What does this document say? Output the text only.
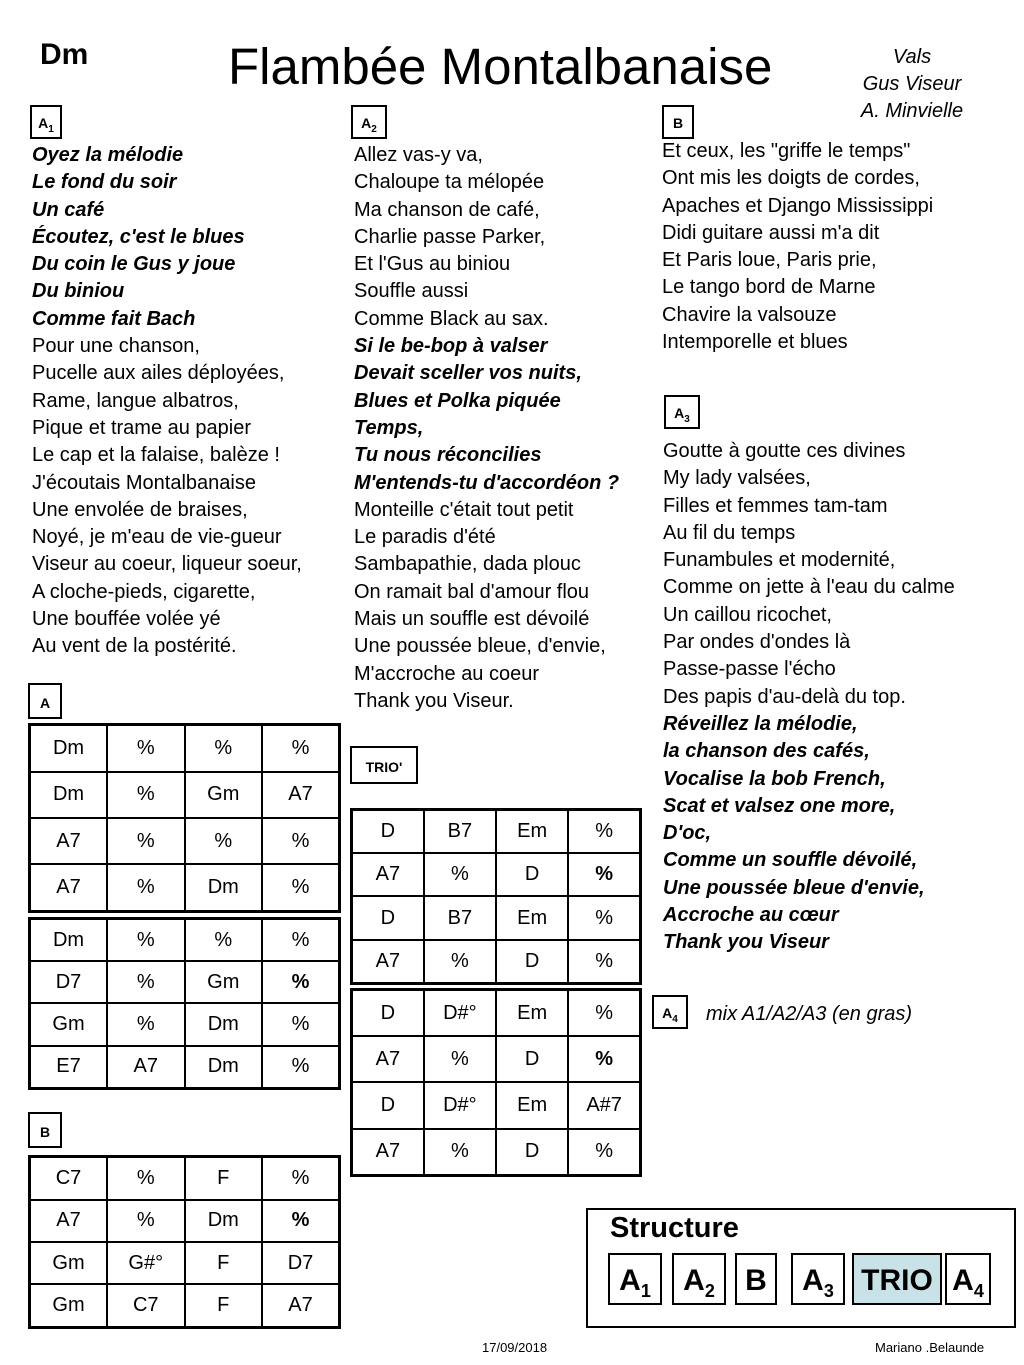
Dm	Flambée Montalbanaise	Vals
Gus Viseur
A. Minvielle
$A_1$	$A_2$	B
$A_3$
$A_4$
Oyez la mélodie
Le fond du soir
Un café
Écoutez, c'est le blues
Du coin le Gus y joue
Du biniou
Comme fait Bach
Pour une chanson,
Pucelle aux ailes déployées,
Rame, langue albatros,
Pique et trame au papier
Le cap et la falaise, balèze !
J'écoutais Montalbanaise
Une envolée de braises,
Noyé, je m'eau de vie-gueur
Viseur au coeur, liqueur soeur,
A cloche-pieds, cigarette,
Une bouffée volée yé
Au vent de la postérité.
Allez vas-y va,
Chaloupe ta mélopée
Ma chanson de café,
Charlie passe Parker,
Et l'Gus au biniou
Souffle aussi
Comme Black au sax.
Si le be-bop à valser
Devait sceller vos nuits,
Blues et Polka piquée
Temps,
Tu nous réconcilies
M'entends-tu d'accordéon ?
Monteille c'était tout petit
Le paradis d'été
Sambapathie, dada plouc
On ramait bal d'amour flou
Mais un souffle est dévoilé
Une poussée bleue, d'envie,
M'accroche au coeur
Thank you Viseur.
Et ceux, les "griffe le temps"
Ont mis les doigts de cordes,
Apaches et Django Mississippi
Didi guitare aussi m'a dit
Et Paris loue, Paris prie,
Le tango bord de Marne
Chavire la valsouze
Intemporelle et blues
Goutte à goutte ces divines
My lady valsées,
Filles et femmes tam-tam
Au fil du temps
Funambules et modernité,
Comme on jette à l'eau du calme
Un caillou ricochet,
Par ondes d'ondes là
Passe-passe l'écho
Des papis d'au-delà du top.
Réveillez la mélodie,
la chanson des cafés,
Vocalise la bob French,
Scat et valsez one more,
D'oc,
Comme un souffle dévoilé,
Une poussée bleue d'envie,
Accroche au cœur
Thank you Viseur
mix A1/A2/A3 (en gras)
A
Dm	%	%	%
Dm	%	Gm	A7
A7	%	%	%
A7	%	Dm	%
Dm	%	%	%
D7	%	Gm	%
Gm	%	Dm	%
E7	A7	Dm	%
B
C7	%	F	%
A7	%	Dm	%
Gm	G#°	F	D7
Gm	C7	F	A7
TRIO'
D	B7	Em	%
A7	%	D	%
D	B7	Em	%
A7	%	D	%
D	D#°	Em	%
A7	%	D	%
D	D#°	Em	A#7
A7	%	D	%
Structure
$A_1$	$A_2$	B	$A_3$ TRIO $A_4$
17/09/2018	Mariano .Belaunde
